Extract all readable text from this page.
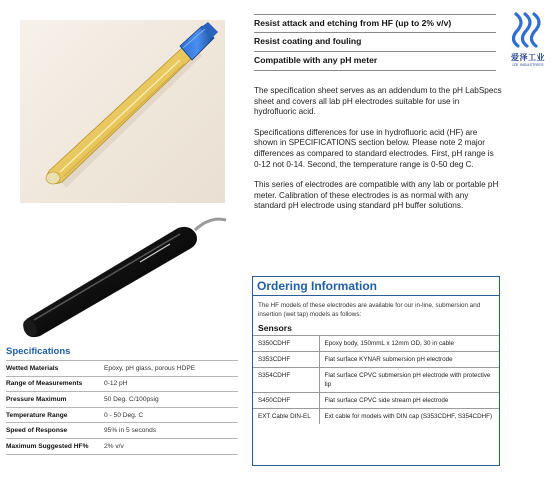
Resist attack and etching from HF (up to 2% v/v)
Resist coating and fouling
Compatible with any pH meter	爱泽工业
IZE INDUSTRIES

The specification sheet serves as an addendum to the pH LabSpecs sheet and covers all lab pH electrodes suitable for use in hydrofluoric acid.

Specifications differences for use in hydrofluoric acid (HF) are shown in SPECIFICATIONS section below. Please note 2 major differences as compared to standard electrodes. First, pH range is 0-12 not 0-14. Second, the temperature range is 0-50 deg C.

This series of electrodes are compatible with any lab or portable pH meter. Calibration of these electrodes is as normal with any standard pH electrode using standard pH buffer solutions.

Specifications
Wetted Materials	Epoxy, pH glass, porous HDPE
Range of Measurements	0-12 pH
Pressure Maximum	50 Deg. C/100psig
Temperature Range	0 - 50 Deg. C
Speed of Response	95% in 5 seconds
Maximum Suggested HF%	2% v/v
Ordering Information
The HF models of these electrodes are available for our in-line, submersion and insertion (wet tap) models as follows:
Sensors
S350CDHF	Epoxy body, 150mmL x 12mm OD, 30 in cable
S353CDHF	Flat surface KYNAR submersion pH electrode
S354CDHF	Flat surface CPVC submersion pH electrode with protective tip
S450CDHF	Flat surface CPVC side stream pH electrode
EXT Cable DIN-EL	Ext cable for models with DIN cap (S353CDHF, S354CDHF)
